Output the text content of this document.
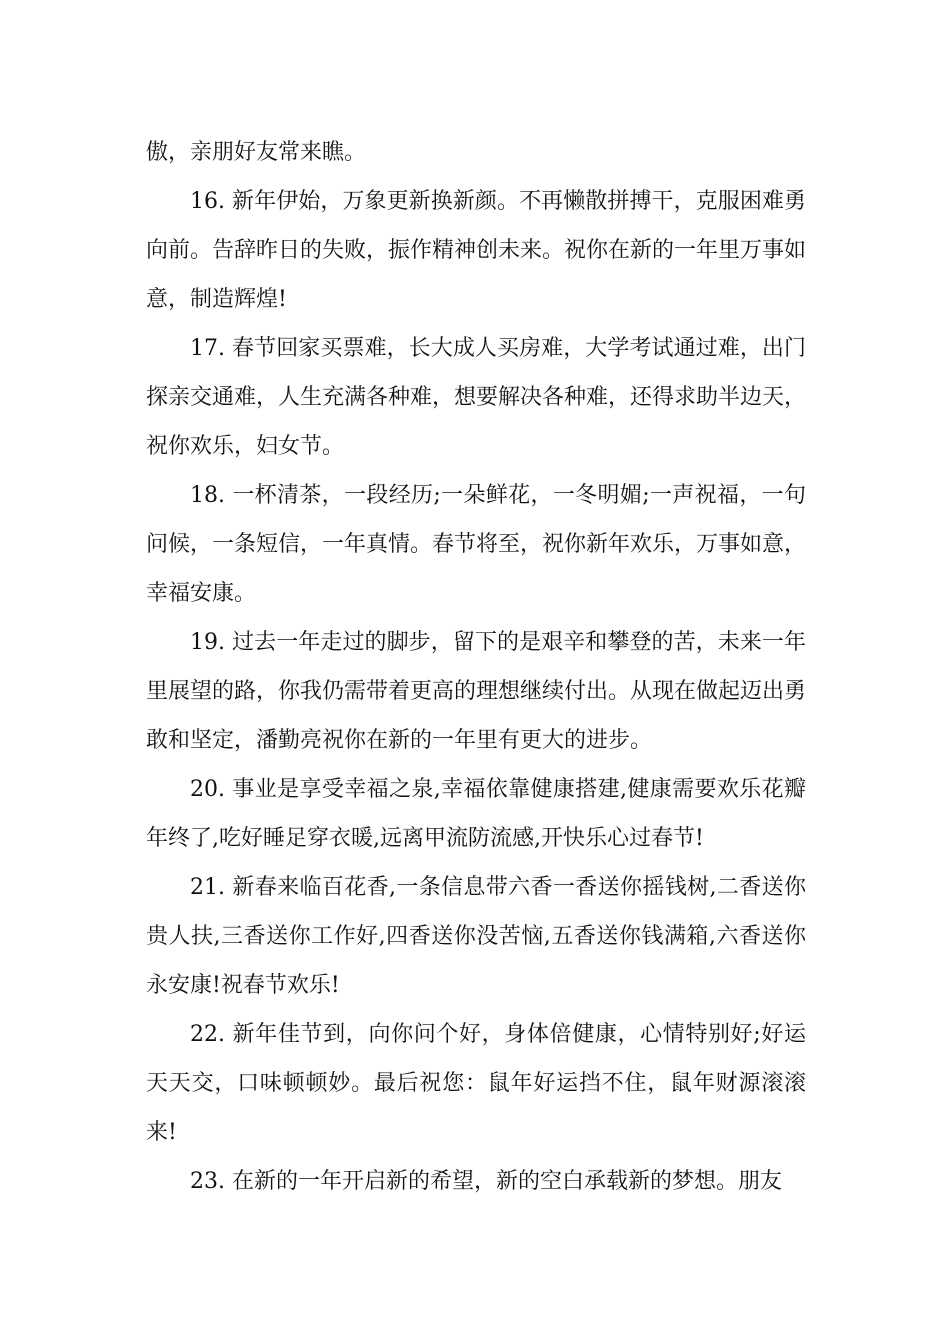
傲，亲朋好友常来瞧。

16. 新年伊始，万象更新换新颜。不再懒散拼搏干，克服困难勇向前。告辞昨日的失败，振作精神创未来。祝你在新的一年里万事如意，制造辉煌!

17. 春节回家买票难，长大成人买房难，大学考试通过难，出门探亲交通难，人生充满各种难，想要解决各种难，还得求助半边天，祝你欢乐，妇女节。

18. 一杯清茶，一段经历;一朵鲜花，一冬明媚;一声祝福，一句问候，一条短信，一年真情。春节将至，祝你新年欢乐，万事如意，幸福安康。

19. 过去一年走过的脚步，留下的是艰辛和攀登的苦，未来一年里展望的路，你我仍需带着更高的理想继续付出。从现在做起迈出勇敢和坚定，潘勤亮祝你在新的一年里有更大的进步。

20. 事业是享受幸福之泉,幸福依靠健康搭建,健康需要欢乐花瓣年终了,吃好睡足穿衣暖,远离甲流防流感,开快乐心过春节!

21. 新春来临百花香,一条信息带六香一香送你摇钱树,二香送你贵人扶,三香送你工作好,四香送你没苦恼,五香送你钱满箱,六香送你永安康!祝春节欢乐!

22. 新年佳节到，向你问个好，身体倍健康，心情特别好;好运天天交，口味顿顿妙。最后祝您：鼠年好运挡不住，鼠年财源滚滚来!

23. 在新的一年开启新的希望，新的空白承载新的梦想。朋友
